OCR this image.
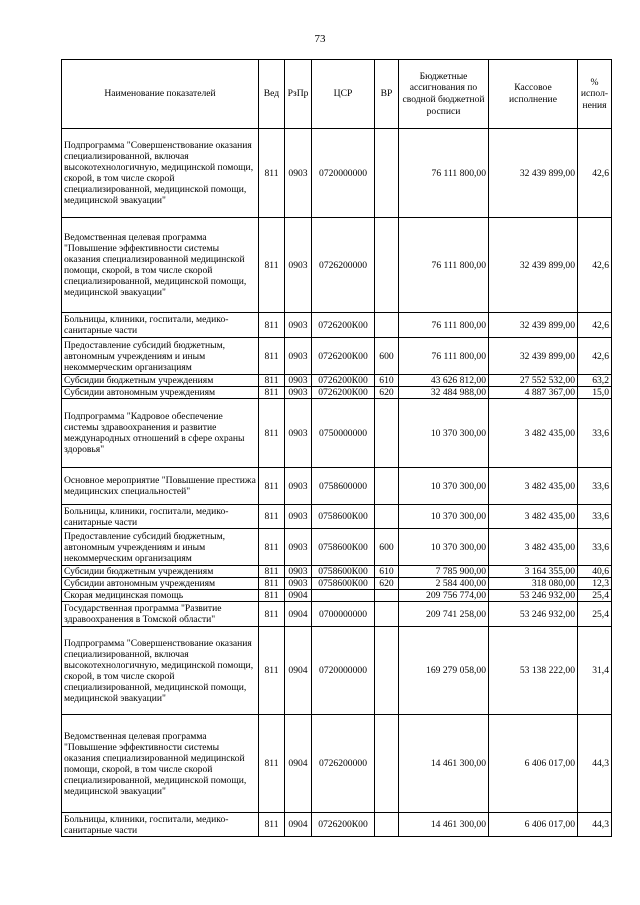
73
Наименование показателей	Вед	РзПр	ЦСР	ВР	Бюджетные ассигнования по сводной бюджетной росписи	Кассовое исполнение	% испол-нения
Подпрограмма "Совершенствование оказания специализированной, включая высокотехнологичную, медицинской помощи, скорой, в том числе скорой специализированной, медицинской помощи, медицинской эвакуации"	811	0903	0720000000		76 111 800,00	32 439 899,00	42,6
Ведомственная целевая программа "Повышение эффективности системы оказания специализированной медицинской помощи, скорой, в том числе скорой специализированной, медицинской помощи, медицинской эвакуации"	811	0903	0726200000		76 111 800,00	32 439 899,00	42,6
Больницы, клиники, госпитали, медико-санитарные части	811	0903	0726200К00		76 111 800,00	32 439 899,00	42,6
Предоставление субсидий бюджетным, автономным учреждениям и иным некоммерческим организациям	811	0903	0726200К00	600	76 111 800,00	32 439 899,00	42,6
Субсидии бюджетным учреждениям	811	0903	0726200К00	610	43 626 812,00	27 552 532,00	63,2
Субсидии автономным учреждениям	811	0903	0726200К00	620	32 484 988,00	4 887 367,00	15,0
Подпрограмма "Кадровое обеспечение системы здравоохранения и развитие международных отношений в сфере охраны здоровья"	811	0903	0750000000		10 370 300,00	3 482 435,00	33,6
Основное мероприятие "Повышение престижа медицинских специальностей"	811	0903	0758600000		10 370 300,00	3 482 435,00	33,6
Больницы, клиники, госпитали, медико-санитарные части	811	0903	0758600К00		10 370 300,00	3 482 435,00	33,6
Предоставление субсидий бюджетным, автономным учреждениям и иным некоммерческим организациям	811	0903	0758600К00	600	10 370 300,00	3 482 435,00	33,6
Субсидии бюджетным учреждениям	811	0903	0758600К00	610	7 785 900,00	3 164 355,00	40,6
Субсидии автономным учреждениям	811	0903	0758600К00	620	2 584 400,00	318 080,00	12,3
Скорая медицинская помощь	811	0904			209 756 774,00	53 246 932,00	25,4
Государственная программа "Развитие здравоохранения в Томской области"	811	0904	0700000000		209 741 258,00	53 246 932,00	25,4
Подпрограмма "Совершенствование оказания специализированной, включая высокотехнологичную, медицинской помощи, скорой, в том числе скорой специализированной, медицинской помощи, медицинской эвакуации"	811	0904	0720000000		169 279 058,00	53 138 222,00	31,4
Ведомственная целевая программа "Повышение эффективности системы оказания специализированной медицинской помощи, скорой, в том числе скорой специализированной, медицинской помощи, медицинской эвакуации"	811	0904	0726200000		14 461 300,00	6 406 017,00	44,3
Больницы, клиники, госпитали, медико-санитарные части	811	0904	0726200К00		14 461 300,00	6 406 017,00	44,3
